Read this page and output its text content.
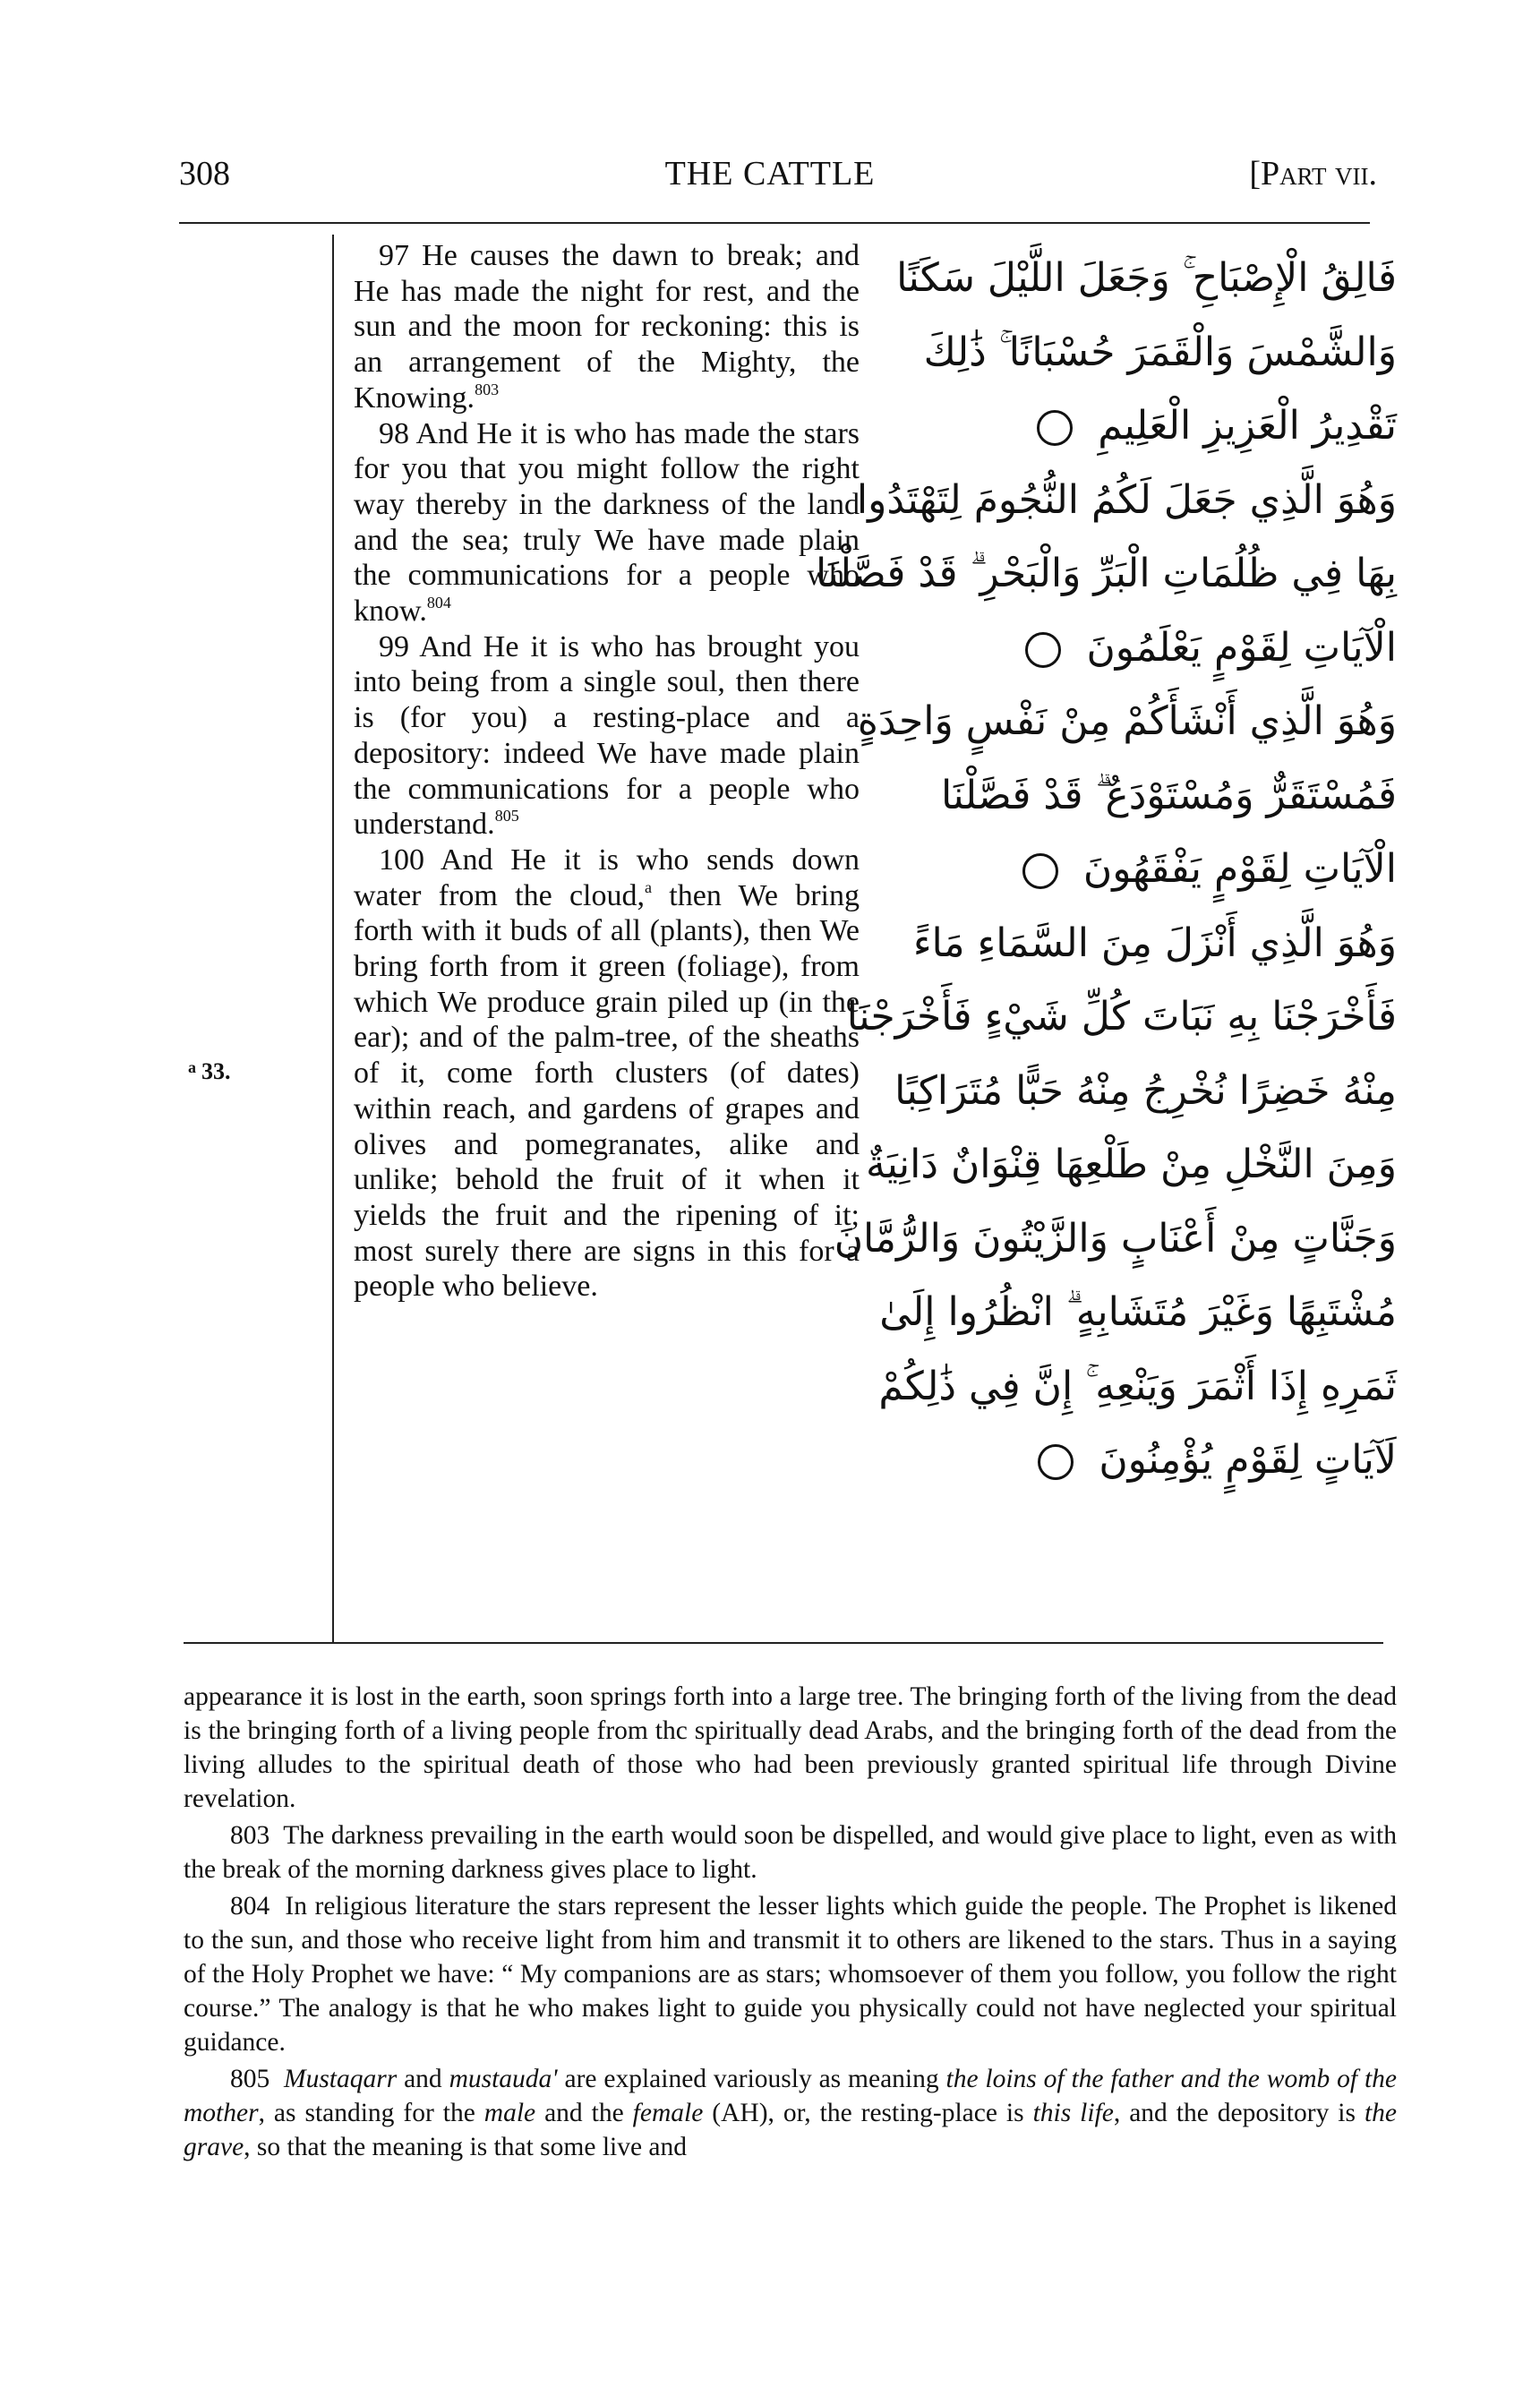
308	THE CATTLE	[Part vii.
$^a$ 33.

97 He causes the dawn to break; and He has made the night for rest, and the sun and the moon for reckoning: this is an arrangement of the Mighty, the Knowing.$^{803}$

98 And He it is who has made the stars for you that you might follow the right way thereby in the darkness of the land and the sea; truly We have made plain the communications for a people who know.$^{804}$

99 And He it is who has brought you into being from a single soul, then there is (for you) a resting-place and a depository: indeed We have made plain the communications for a people who understand.$^{805}$

100 And He it is who sends down water from the cloud,$^a$ then We bring forth with it buds of all (plants), then We bring forth from it green (foliage), from which We produce grain piled up (in the ear); and of the palm-tree, of the sheaths of it, come forth clusters (of dates) within reach, and gardens of grapes and olives and pomegranates, alike and unlike; behold the fruit of it when it yields the fruit and the ripening of it; most surely there are signs in this for a people who believe.

فَالِقُ الْإِصْبَاحِ ۚ وَجَعَلَ اللَّيْلَ سَكَنًا
وَالشَّمْسَ وَالْقَمَرَ حُسْبَانًا ۚ ذَٰلِكَ
تَقْدِيرُ الْعَزِيزِ الْعَلِيمِ
وَهُوَ الَّذِي جَعَلَ لَكُمُ النُّجُومَ لِتَهْتَدُوا
بِهَا فِي ظُلُمَاتِ الْبَرِّ وَالْبَحْرِ ۗ قَدْ فَصَّلْنَا
الْآيَاتِ لِقَوْمٍ يَعْلَمُونَ
وَهُوَ الَّذِي أَنْشَأَكُمْ مِنْ نَفْسٍ وَاحِدَةٍ
فَمُسْتَقَرٌّ وَمُسْتَوْدَعٌ ۗ قَدْ فَصَّلْنَا
الْآيَاتِ لِقَوْمٍ يَفْقَهُونَ
وَهُوَ الَّذِي أَنْزَلَ مِنَ السَّمَاءِ مَاءً
فَأَخْرَجْنَا بِهِ نَبَاتَ كُلِّ شَيْءٍ فَأَخْرَجْنَا
مِنْهُ خَضِرًا نُخْرِجُ مِنْهُ حَبًّا مُتَرَاكِبًا
وَمِنَ النَّخْلِ مِنْ طَلْعِهَا قِنْوَانٌ دَانِيَةٌ
وَجَنَّاتٍ مِنْ أَعْنَابٍ وَالزَّيْتُونَ وَالرُّمَّانَ
مُشْتَبِهًا وَغَيْرَ مُتَشَابِهٍ ۗ انْظُرُوا إِلَىٰ
ثَمَرِهِ إِذَا أَثْمَرَ وَيَنْعِهِ ۚ إِنَّ فِي ذَٰلِكُمْ
لَآيَاتٍ لِقَوْمٍ يُؤْمِنُونَ

appearance it is lost in the earth, soon springs forth into a large tree. The bringing forth of the living from the dead is the bringing forth of a living people from thc spiritually dead Arabs, and the bringing forth of the dead from the living alludes to the spiritual death of those who had been previously granted spiritual life through Divine revelation.

803 The darkness prevailing in the earth would soon be dispelled, and would give place to light, even as with the break of the morning darkness gives place to light.

804 In religious literature the stars represent the lesser lights which guide the people. The Prophet is likened to the sun, and those who receive light from him and transmit it to others are likened to the stars. Thus in a saying of the Holy Prophet we have: “ My companions are as stars; whomsoever of them you follow, you follow the right course.” The analogy is that he who makes light to guide you physically could not have neglected your spiritual guidance.

805 Mustaqarr and mustauda' are explained variously as meaning the loins of the father and the womb of the mother, as standing for the male and the female (AH), or, the resting-place is this life, and the depository is the grave, so that the meaning is that some live and
